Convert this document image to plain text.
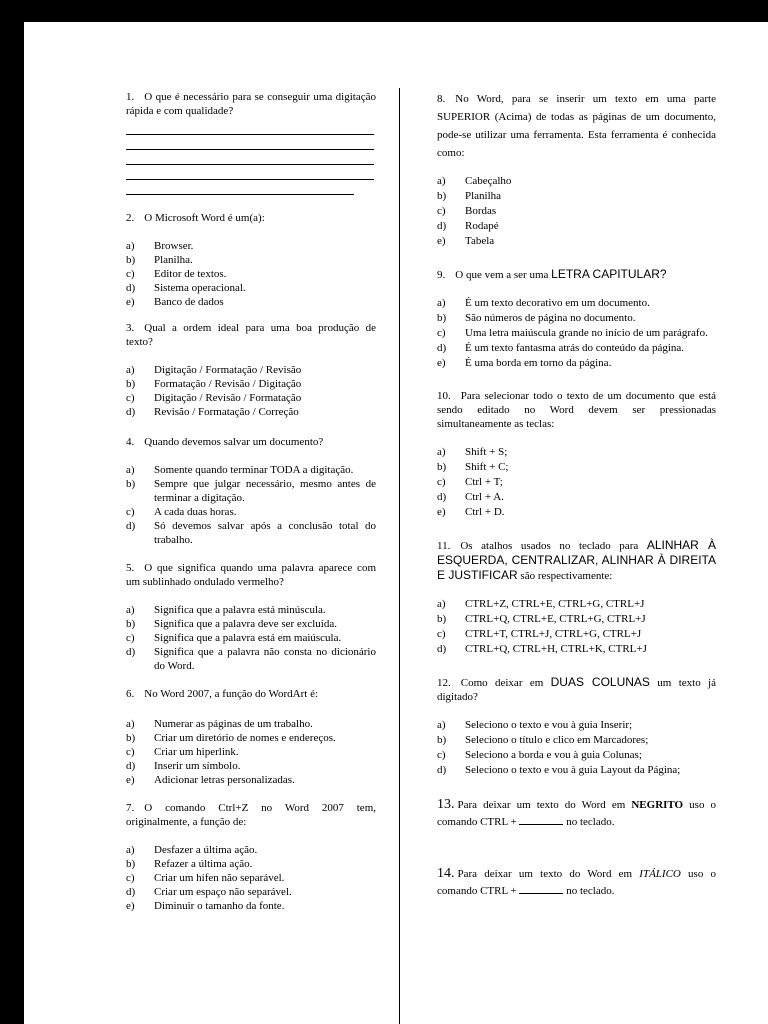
1. O que é necessário para se conseguir uma digitação rápida e com qualidade?

2. O Microsoft Word é um(a):

a) Browser.
b) Planilha.
c) Editor de textos.
d) Sistema operacional.
e) Banco de dados

3. Qual a ordem ideal para uma boa produção de texto?

a) Digitação / Formatação / Revisão
b) Formatação / Revisão / Digitação
c) Digitação / Revisão / Formatação
d) Revisão / Formatação / Correção

4. Quando devemos salvar um documento?

a) Somente quando terminar TODA a digitação.
b) Sempre que julgar necessário, mesmo antes de terminar a digitação.
c) A cada duas horas.
d) Só devemos salvar após a conclusão total do trabalho.

5. O que significa quando uma palavra aparece com um sublinhado ondulado vermelho?

a) Significa que a palavra está minúscula.
b) Significa que a palavra deve ser excluída.
c) Significa que a palavra está em maiúscula.
d) Significa que a palavra não consta no dicionário do Word.

6. No Word 2007, a função do WordArt é:

a) Numerar as páginas de um trabalho.
b) Criar um diretório de nomes e endereços.
c) Criar um hiperlink.
d) Inserir um símbolo.
e) Adicionar letras personalizadas.

7. O comando Ctrl+Z no Word 2007 tem, originalmente, a função de:

a) Desfazer a última ação.
b) Refazer a última ação.
c) Criar um hífen não separável.
d) Criar um espaço não separável.
e) Diminuir o tamanho da fonte.

8. No Word, para se inserir um texto em uma parte SUPERIOR (Acima) de todas as páginas de um documento, pode-se utilizar uma ferramenta. Esta ferramenta é conhecida como:

a) Cabeçalho
b) Planilha
c) Bordas
d) Rodapé
e) Tabela

9. O que vem a ser uma LETRA CAPITULAR?

a) É um texto decorativo em um documento.
b) São números de página no documento.
c) Uma letra maiúscula grande no início de um parágrafo.
d) É um texto fantasma atrás do conteúdo da página.
e) É uma borda em torno da página.

10. Para selecionar todo o texto de um documento que está sendo editado no Word devem ser pressionadas simultaneamente as teclas:

a) Shift + S;
b) Shift + C;
c) Ctrl + T;
d) Ctrl + A.
e) Ctrl + D.

11. Os atalhos usados no teclado para ALINHAR À ESQUERDA, CENTRALIZAR, ALINHAR À DIREITA E JUSTIFICAR são respectivamente:

a) CTRL+Z, CTRL+E, CTRL+G, CTRL+J
b) CTRL+Q, CTRL+E, CTRL+G, CTRL+J
c) CTRL+T, CTRL+J, CTRL+G, CTRL+J
d) CTRL+Q, CTRL+H, CTRL+K, CTRL+J

12. Como deixar em DUAS COLUNAS um texto já digitado?

a) Seleciono o texto e vou à guia Inserir;
b) Seleciono o título e clico em Marcadores;
c) Seleciono a borda e vou à guia Colunas;
d) Seleciono o texto e vou à guia Layout da Página;

13. Para deixar um texto do Word em NEGRITO uso o comando CTRL +	no teclado.

14. Para deixar um texto do Word em ITÁLICO uso o comando CTRL +	no teclado.
